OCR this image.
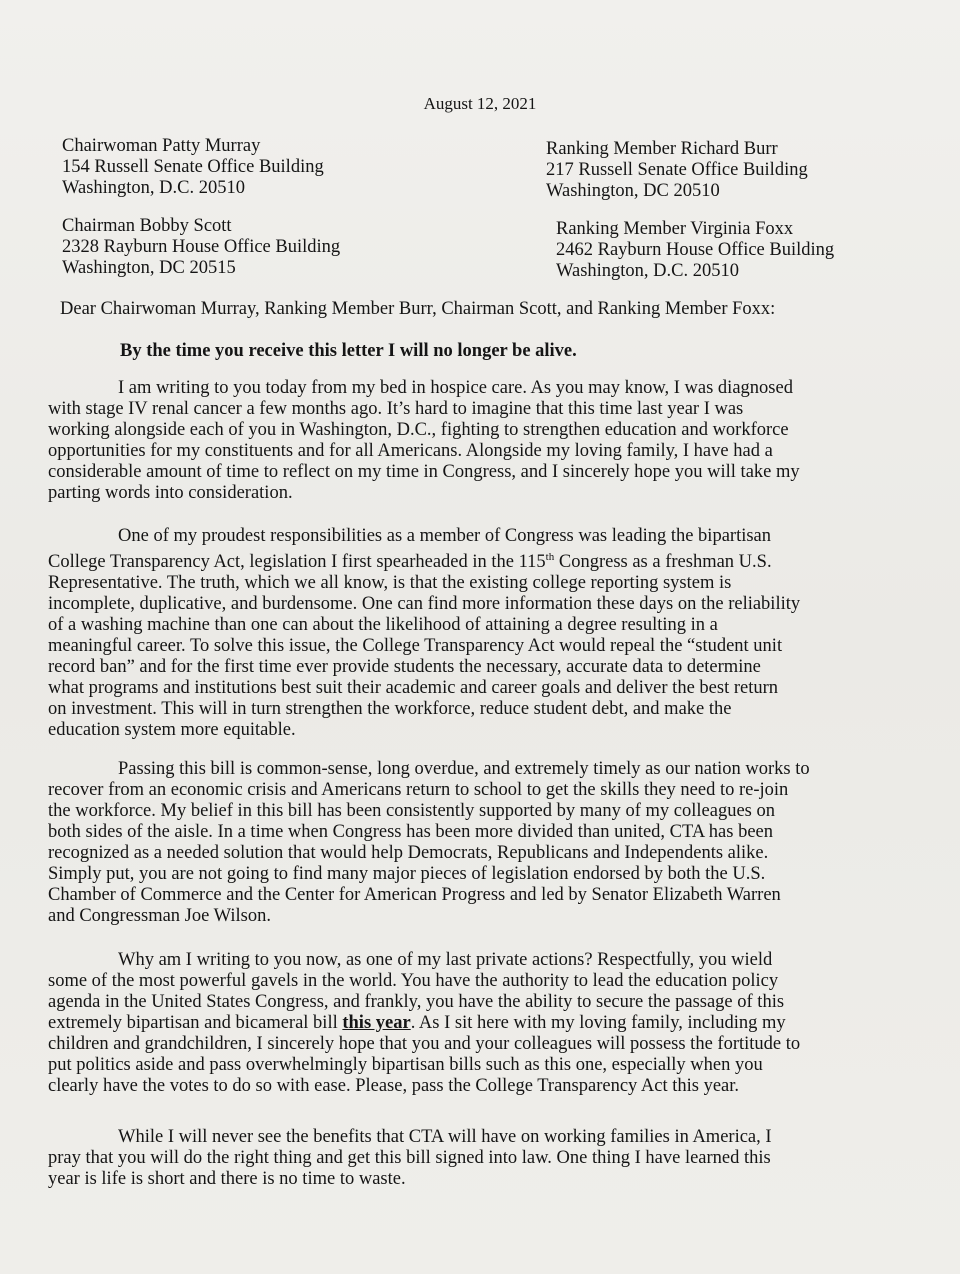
August 12, 2021
Chairwoman Patty Murray
154 Russell Senate Office Building
Washington, D.C. 20510
Ranking Member Richard Burr
217 Russell Senate Office Building
Washington, DC 20510
Chairman Bobby Scott
2328 Rayburn House Office Building
Washington, DC 20515
Ranking Member Virginia Foxx
2462 Rayburn House Office Building
Washington, D.C. 20510
Dear Chairwoman Murray, Ranking Member Burr, Chairman Scott, and Ranking Member Foxx:
By the time you receive this letter I will no longer be alive.
I am writing to you today from my bed in hospice care. As you may know, I was diagnosed
with stage IV renal cancer a few months ago. It’s hard to imagine that this time last year I was
working alongside each of you in Washington, D.C., fighting to strengthen education and workforce
opportunities for my constituents and for all Americans. Alongside my loving family, I have had a
considerable amount of time to reflect on my time in Congress, and I sincerely hope you will take my
parting words into consideration.
One of my proudest responsibilities as a member of Congress was leading the bipartisan
College Transparency Act, legislation I first spearheaded in the 115th Congress as a freshman U.S.
Representative. The truth, which we all know, is that the existing college reporting system is
incomplete, duplicative, and burdensome. One can find more information these days on the reliability
of a washing machine than one can about the likelihood of attaining a degree resulting in a
meaningful career. To solve this issue, the College Transparency Act would repeal the “student unit
record ban” and for the first time ever provide students the necessary, accurate data to determine
what programs and institutions best suit their academic and career goals and deliver the best return
on investment. This will in turn strengthen the workforce, reduce student debt, and make the
education system more equitable.
Passing this bill is common-sense, long overdue, and extremely timely as our nation works to
recover from an economic crisis and Americans return to school to get the skills they need to re-join
the workforce. My belief in this bill has been consistently supported by many of my colleagues on
both sides of the aisle. In a time when Congress has been more divided than united, CTA has been
recognized as a needed solution that would help Democrats, Republicans and Independents alike.
Simply put, you are not going to find many major pieces of legislation endorsed by both the U.S.
Chamber of Commerce and the Center for American Progress and led by Senator Elizabeth Warren
and Congressman Joe Wilson.
Why am I writing to you now, as one of my last private actions? Respectfully, you wield
some of the most powerful gavels in the world. You have the authority to lead the education policy
agenda in the United States Congress, and frankly, you have the ability to secure the passage of this
extremely bipartisan and bicameral bill this year. As I sit here with my loving family, including my
children and grandchildren, I sincerely hope that you and your colleagues will possess the fortitude to
put politics aside and pass overwhelmingly bipartisan bills such as this one, especially when you
clearly have the votes to do so with ease. Please, pass the College Transparency Act this year.
While I will never see the benefits that CTA will have on working families in America, I
pray that you will do the right thing and get this bill signed into law. One thing I have learned this
year is life is short and there is no time to waste.
